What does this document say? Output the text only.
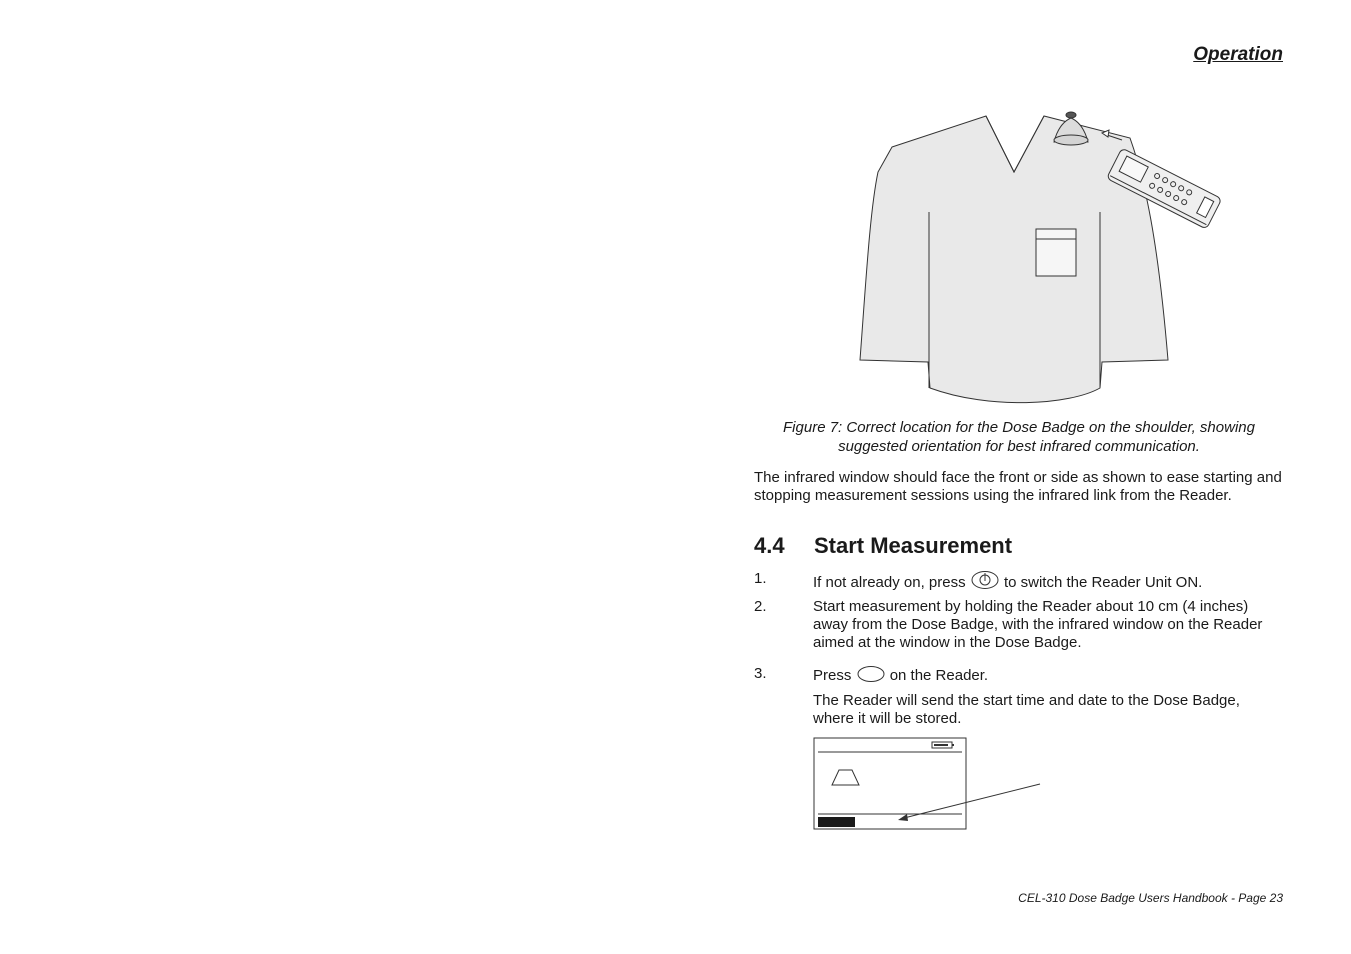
Operation
Figure 7: Correct location for the Dose Badge on the shoulder, showing suggested orientation for best infrared communication.
The infrared window should face the front or side as shown to ease starting and stopping measurement sessions using the infrared link from the Reader.
4.4 Start Measurement
1.	If not already on, press	to switch the Reader Unit ON.
2.	Start measurement by holding the Reader about 10 cm (4 inches) away from the Dose Badge, with the infrared window on the Reader aimed at the window in the Dose Badge.
3.	Press	on the Reader.
The Reader will send the start time and date to the Dose Badge, where it will be stored.
CEL-310 Dose Badge Users Handbook - Page 23
